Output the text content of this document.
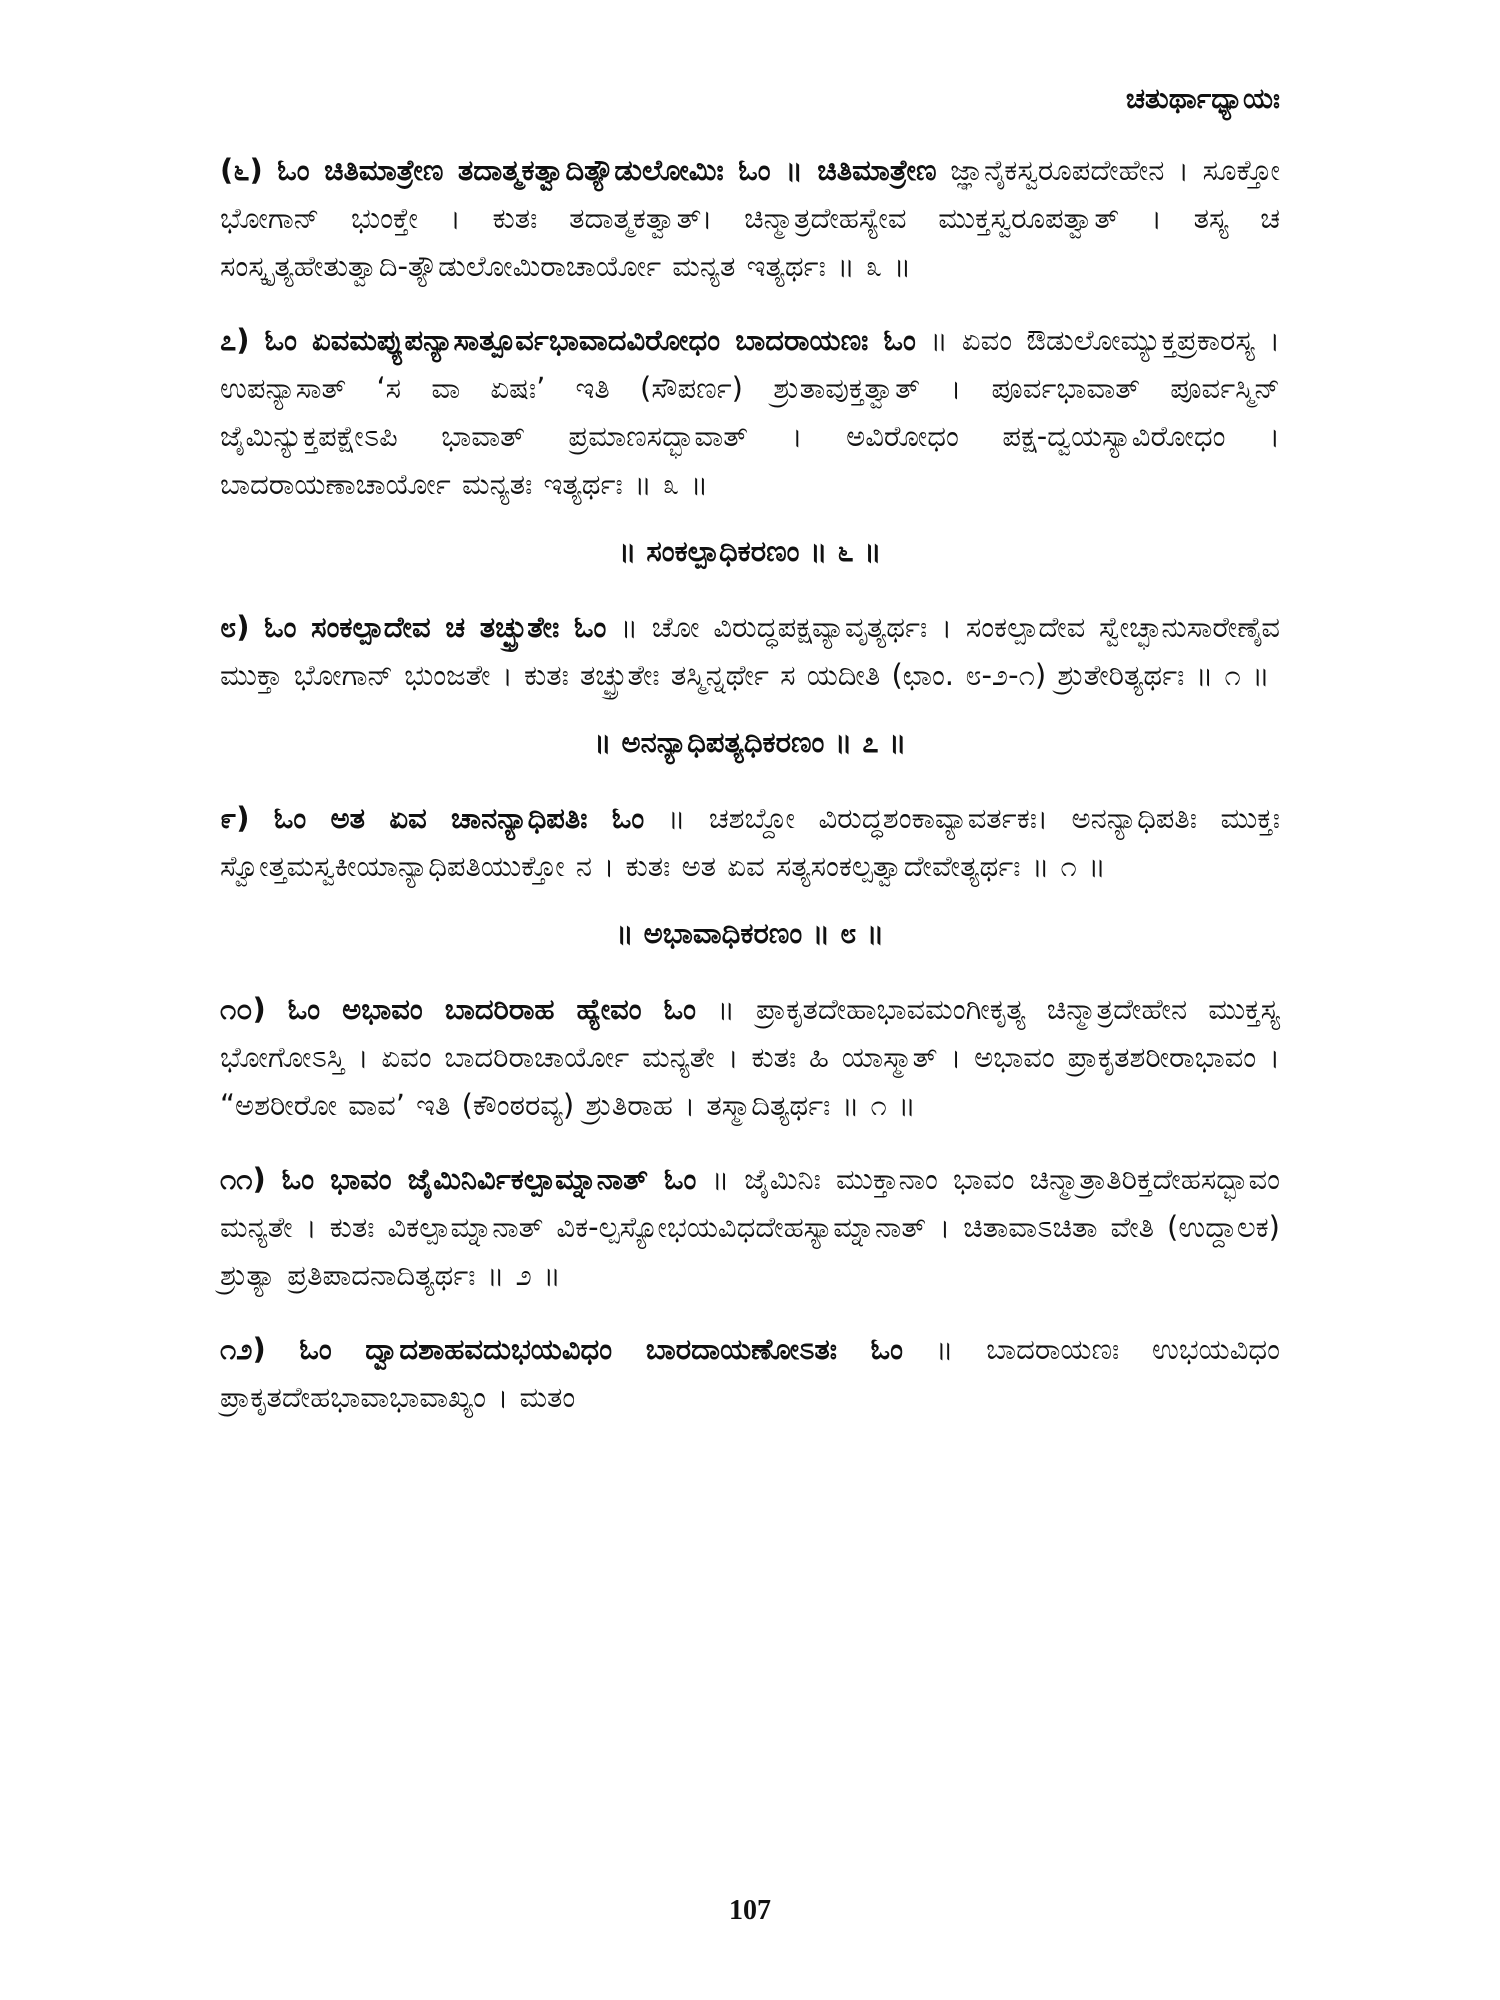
ಚತುರ್ಥಾಧ್ಯಾಯಃ

(೬) ಓಂ ಚಿತಿಮಾತ್ರೇಣ ತದಾತ್ಮಕತ್ವಾದಿತ್ಯೌಡುಲೋಮಿಃ ಓಂ ॥ ಚಿತಿಮಾತ್ರೇಣ ಜ್ಞಾನೈಕಸ್ವರೂಪದೇಹೇನ । ಸೂಕ್ತೋ ಭೋಗಾನ್ ಭುಂಕ್ತೇ । ಕುತಃ ತದಾತ್ಮಕತ್ವಾತ್। ಚಿನ್ಮಾತ್ರದೇಹಸ್ಯೇವ ಮುಕ್ತಸ್ವರೂಪತ್ವಾತ್ । ತಸ್ಯ ಚ ಸಂಸ್ಕೃತ್ಯಹೇತುತ್ವಾದಿ-ತ್ಯೌಡುಲೋಮಿರಾಚಾರ್ಯೋ ಮನ್ಯತ ಇತ್ಯರ್ಥಃ ॥ ೩ ॥

೭) ಓಂ ಏವಮಪ್ಯುಪನ್ಯಾಸಾತ್ಪೂರ್ವಭಾವಾದವಿರೋಧಂ ಬಾದರಾಯಣಃ ಓಂ ॥ ಏವಂ ಔಡುಲೋಮ್ಯುಕ್ತಪ್ರಕಾರಸ್ಯ । ಉಪನ್ಯಾಸಾತ್ ‘ಸ ವಾ ಏಷಃ’ ಇತಿ (ಸೌಪರ್ಣ) ಶ್ರುತಾವುಕ್ತತ್ವಾತ್ । ಪೂರ್ವಭಾವಾತ್ ಪೂರ್ವಸ್ಮಿನ್ ಜೈಮಿನ್ಯುಕ್ತಪಕ್ಷೇಽಪಿ ಭಾವಾತ್ ಪ್ರಮಾಣಸದ್ಭಾವಾತ್ । ಅವಿರೋಧಂ ಪಕ್ಷ-ದ್ವಯಸ್ಯಾವಿರೋಧಂ । ಬಾದರಾಯಣಾಚಾರ್ಯೋ ಮನ್ಯತಃ ಇತ್ಯರ್ಥಃ ॥ ೩ ॥

॥ ಸಂಕಲ್ಪಾಧಿಕರಣಂ ॥ ೬ ॥

೮) ಓಂ ಸಂಕಲ್ಪಾದೇವ ಚ ತಚ್ಛ್ರುತೇಃ ಓಂ ॥ ಚೋ ವಿರುದ್ಧಪಕ್ಷವ್ಯಾವೃತ್ಯರ್ಥಃ । ಸಂಕಲ್ಪಾದೇವ ಸ್ವೇಚ್ಛಾನುಸಾರೇಣೈವ ಮುಕ್ತಾ ಭೋಗಾನ್ ಭುಂಜತೇ । ಕುತಃ ತಚ್ಛ್ರುತೇಃ ತಸ್ಮಿನ್ನರ್ಥೇ ಸ ಯದೀತಿ (ಛಾಂ. ೮-೨-೧) ಶ್ರುತೇರಿತ್ಯರ್ಥಃ ॥ ೧ ॥

॥ ಅನನ್ಯಾಧಿಪತ್ಯಧಿಕರಣಂ ॥ ೭ ॥

೯) ಓಂ ಅತ ಏವ ಚಾನನ್ಯಾಧಿಪತಿಃ ಓಂ ॥ ಚಶಬ್ದೋ ವಿರುದ್ಧಶಂಕಾವ್ಯಾವರ್ತಕಃ। ಅನನ್ಯಾಧಿಪತಿಃ ಮುಕ್ತಃ ಸ್ವೋತ್ತಮಸ್ವಕೀಯಾನ್ಯಾಧಿಪತಿಯುಕ್ತೋ ನ । ಕುತಃ ಅತ ಏವ ಸತ್ಯಸಂಕಲ್ಪತ್ವಾದೇವೇತ್ಯರ್ಥಃ ॥ ೧ ॥

॥ ಅಭಾವಾಧಿಕರಣಂ ॥ ೮ ॥

೧೦) ಓಂ ಅಭಾವಂ ಬಾದರಿರಾಹ ಹ್ಯೇವಂ ಓಂ ॥ ಪ್ರಾಕೃತದೇಹಾಭಾವಮಂಗೀಕೃತ್ಯ ಚಿನ್ಮಾತ್ರದೇಹೇನ ಮುಕ್ತಸ್ಯ ಭೋಗೋಽಸ್ತಿ । ಏವಂ ಬಾದರಿರಾಚಾರ್ಯೋ ಮನ್ಯತೇ । ಕುತಃ ಹಿ ಯಾಸ್ಮಾತ್ । ಅಭಾವಂ ಪ್ರಾಕೃತಶರೀರಾಭಾವಂ । “ಅಶರೀರೋ ವಾವ’ ಇತಿ (ಕೌಂಠರವ್ಯ) ಶ್ರುತಿರಾಹ । ತಸ್ಮಾದಿತ್ಯರ್ಥಃ ॥ ೧ ॥

೧೧) ಓಂ ಭಾವಂ ಜೈಮಿನಿರ್ವಿಕಲ್ಪಾಮ್ನಾನಾತ್ ಓಂ ॥ ಜೈಮಿನಿಃ ಮುಕ್ತಾನಾಂ ಭಾವಂ ಚಿನ್ಮಾತ್ರಾತಿರಿಕ್ತದೇಹಸದ್ಭಾವಂ ಮನ್ಯತೇ । ಕುತಃ ವಿಕಲ್ಪಾಮ್ನಾನಾತ್ ವಿಕ-ಲ್ಪಸ್ಯೋಭಯವಿಧದೇಹಸ್ಯಾಮ್ನಾನಾತ್ । ಚಿತಾವಾಽಚಿತಾ ವೇತಿ (ಉದ್ದಾಲಕ) ಶ್ರುತ್ಯಾ ಪ್ರತಿಪಾದನಾದಿತ್ಯರ್ಥಃ ॥ ೨ ॥

೧೨) ಓಂ ದ್ವಾದಶಾಹವದುಭಯವಿಧಂ ಬಾರದಾಯಣೋಽತಃ ಓಂ ॥ ಬಾದರಾಯಣಃ ಉಭಯವಿಧಂ ಪ್ರಾಕೃತದೇಹಭಾವಾಭಾವಾಖ್ಯಂ । ಮತಂ

107
